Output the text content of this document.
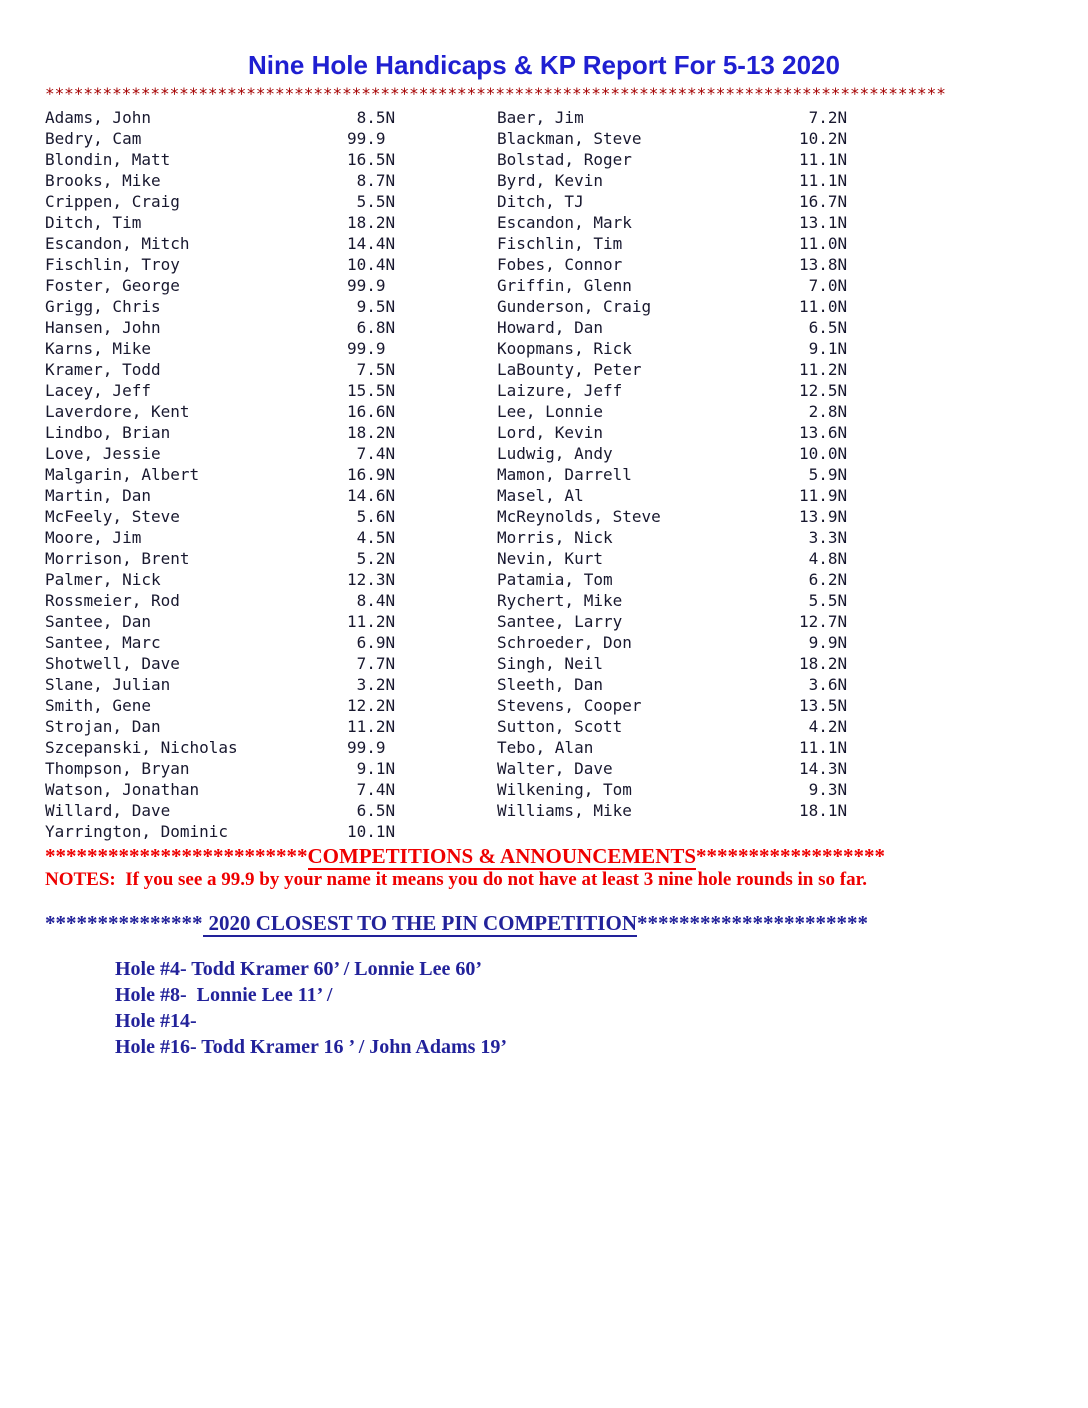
Nine Hole Handicaps & KP Report For 5-13 2020
**********************************************************************************************
Adams, John	8.5N
Bedry, Cam	99.9
Blondin, Matt	16.5N
Brooks, Mike	8.7N
Crippen, Craig	5.5N
Ditch, Tim	18.2N
Escandon, Mitch	14.4N
Fischlin, Troy	10.4N
Foster, George	99.9
Grigg, Chris	9.5N
Hansen, John	6.8N
Karns, Mike	99.9
Kramer, Todd	7.5N
Lacey, Jeff	15.5N
Laverdore, Kent	16.6N
Lindbo, Brian	18.2N
Love, Jessie	7.4N
Malgarin, Albert	16.9N
Martin, Dan	14.6N
McFeely, Steve	5.6N
Moore, Jim	4.5N
Morrison, Brent	5.2N
Palmer, Nick	12.3N
Rossmeier, Rod	8.4N
Santee, Dan	11.2N
Santee, Marc	6.9N
Shotwell, Dave	7.7N
Slane, Julian	3.2N
Smith, Gene	12.2N
Strojan, Dan	11.2N
Szcepanski, Nicholas	99.9
Thompson, Bryan	9.1N
Watson, Jonathan	7.4N
Willard, Dave	6.5N
Yarrington, Dominic	10.1N
Baer, Jim	7.2N
Blackman, Steve	10.2N
Bolstad, Roger	11.1N
Byrd, Kevin	11.1N
Ditch, TJ	16.7N
Escandon, Mark	13.1N
Fischlin, Tim	11.0N
Fobes, Connor	13.8N
Griffin, Glenn	7.0N
Gunderson, Craig	11.0N
Howard, Dan	6.5N
Koopmans, Rick	9.1N
LaBounty, Peter	11.2N
Laizure, Jeff	12.5N
Lee, Lonnie	2.8N
Lord, Kevin	13.6N
Ludwig, Andy	10.0N
Mamon, Darrell	5.9N
Masel, Al	11.9N
McReynolds, Steve	13.9N
Morris, Nick	3.3N
Nevin, Kurt	4.8N
Patamia, Tom	6.2N
Rychert, Mike	5.5N
Santee, Larry	12.7N
Schroeder, Don	9.9N
Singh, Neil	18.2N
Sleeth, Dan	3.6N
Stevens, Cooper	13.5N
Sutton, Scott	4.2N
Tebo, Alan	11.1N
Walter, Dave	14.3N
Wilkening, Tom	9.3N
Williams, Mike	18.1N
*************************COMPETITIONS & ANNOUNCEMENTS******************
NOTES:  If you see a 99.9 by your name it means you do not have at least 3 nine hole rounds in so far.
*************** 2020 CLOSEST TO THE PIN COMPETITION**********************
Hole #4- Todd Kramer 60’ / Lonnie Lee 60’
Hole #8-  Lonnie Lee 11’ /
Hole #14-
Hole #16- Todd Kramer 16 ’ / John Adams 19’
